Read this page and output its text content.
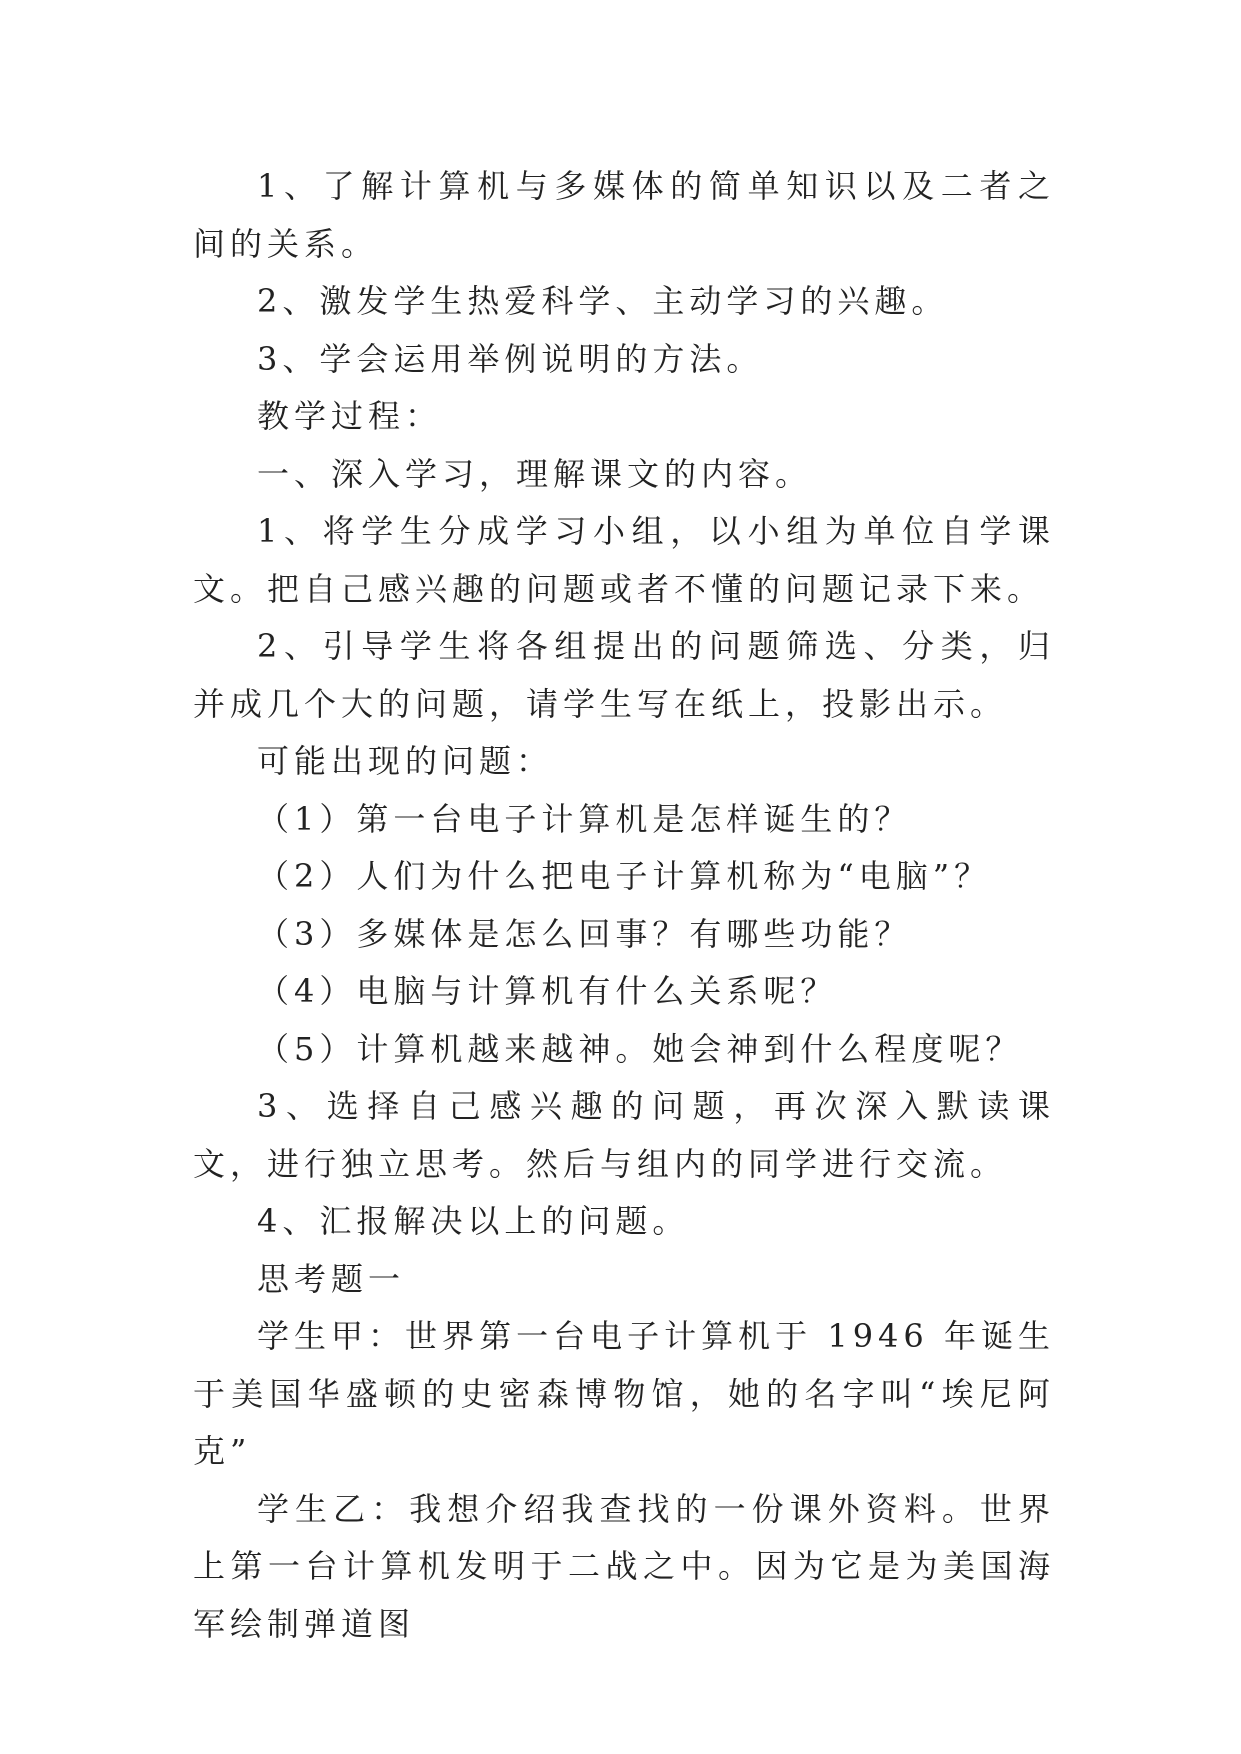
1、了解计算机与多媒体的简单知识以及二者之间的关系。

2、激发学生热爱科学、主动学习的兴趣。

3、学会运用举例说明的方法。

教学过程：

一、深入学习，理解课文的内容。

1、将学生分成学习小组，以小组为单位自学课文。把自己感兴趣的问题或者不懂的问题记录下来。

2、引导学生将各组提出的问题筛选、分类，归并成几个大的问题，请学生写在纸上，投影出示。

可能出现的问题：

（1）第一台电子计算机是怎样诞生的？

（2）人们为什么把电子计算机称为“电脑”？

（3）多媒体是怎么回事？有哪些功能？

（4）电脑与计算机有什么关系呢？

（5）计算机越来越神。她会神到什么程度呢？

3、选择自己感兴趣的问题，再次深入默读课文，进行独立思考。然后与组内的同学进行交流。

4、汇报解决以上的问题。

思考题一

学生甲：世界第一台电子计算机于 1946 年诞生于美国华盛顿的史密森博物馆，她的名字叫“埃尼阿克”

学生乙：我想介绍我查找的一份课外资料。世界上第一台计算机发明于二战之中。因为它是为美国海军绘制弹道图
